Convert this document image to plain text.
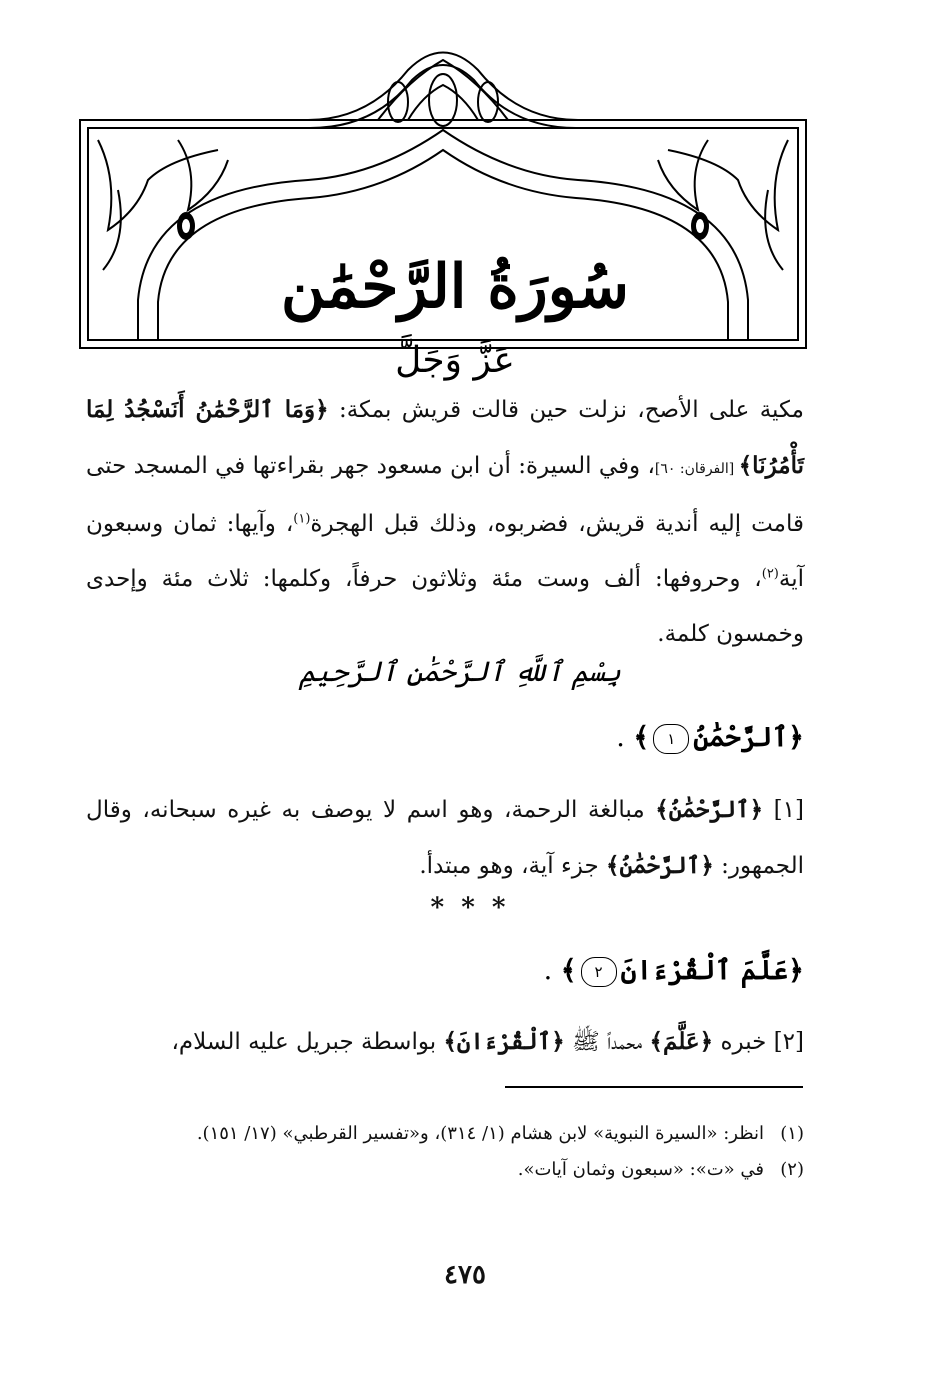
سُورَةُ الرَّحْمَٰن
عَزَّ وَجَلَّ
مكية على الأصح، نزلت حين قالت قريش بمكة: ﴿وَمَا ٱلرَّحْمَٰنُ أَنَسْجُدُ لِمَا تَأْمُرُنَا﴾ [الفرقان: ٦٠]، وفي السيرة: أن ابن مسعود جهر بقراءتها في المسجد حتى قامت إليه أندية قريش، فضربوه، وذلك قبل الهجرة$^{(١)}$، وآيها: ثمان وسبعون آية$^{(٢)}$، وحروفها: ألف وست مئة وثلاثون حرفاً، وكلمها: ثلاث مئة وإحدى وخمسون كلمة.
بِسْمِ ٱللَّهِ ٱلرَّحْمَٰنِ ٱلرَّحِيمِ
﴿ٱلرَّحْمَٰنُ١﴾ .
[١] ﴿ٱلرَّحْمَٰنُ﴾ مبالغة الرحمة، وهو اسم لا يوصف به غيره سبحانه، وقال الجمهور: ﴿ٱلرَّحْمَٰنُ﴾ جزء آية، وهو مبتدأ.
* * *
﴿عَلَّمَ ٱلْقُرْءَانَ٢﴾ .
[٢] خبره ﴿عَلَّمَ﴾ محمداً ﷺ ﴿ٱلْقُرْءَانَ﴾ بواسطة جبريل عليه السلام،
(١)انظر: «السيرة النبوية» لابن هشام (١/ ٣١٤)، و«تفسير القرطبي» (١٧/ ١٥١).
(٢)في «ت»: «سبعون وثمان آيات».
٤٧٥
